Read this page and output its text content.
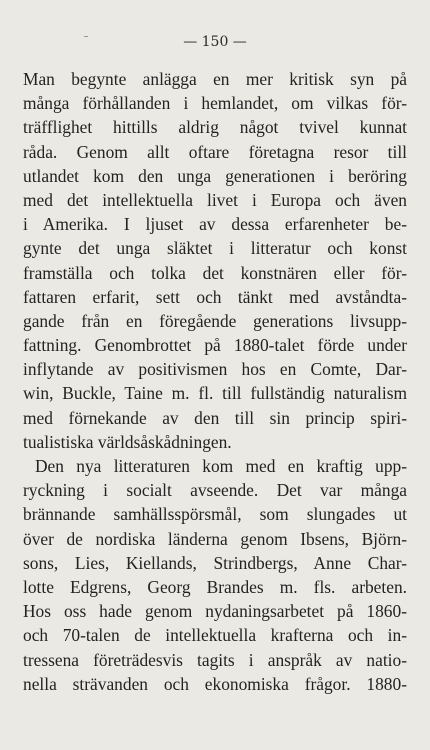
— 150 —
Man begynte anlägga en mer kritisk syn på
många förhållanden i hemlandet, om vilkas för-
träfflighet hittills aldrig något tvivel kunnat
råda. Genom allt oftare företagna resor till
utlandet kom den unga generationen i beröring
med det intellektuella livet i Europa och även
i Amerika. I ljuset av dessa erfarenheter be-
gynte det unga släktet i litteratur och konst
framställa och tolka det konstnären eller för-
fattaren erfarit, sett och tänkt med avståndta-
gande från en föregående generations livsupp-
fattning. Genombrottet på 1880-talet förde under
inflytande av positivismen hos en Comte, Dar-
win, Buckle, Taine m. fl. till fullständig naturalism
med förnekande av den till sin princip spiri-
tualistiska världsåskådningen.
Den nya litteraturen kom med en kraftig upp-
ryckning i socialt avseende. Det var många
brännande samhällsspörsmål, som slungades ut
över de nordiska länderna genom Ibsens, Björn-
sons, Lies, Kiellands, Strindbergs, Anne Char-
lotte Edgrens, Georg Brandes m. fls. arbeten.
Hos oss hade genom nydaningsarbetet på 1860-
och 70-talen de intellektuella krafterna och in-
tressena företrädesvis tagits i anspråk av natio-
nella strävanden och ekonomiska frågor. 1880-
